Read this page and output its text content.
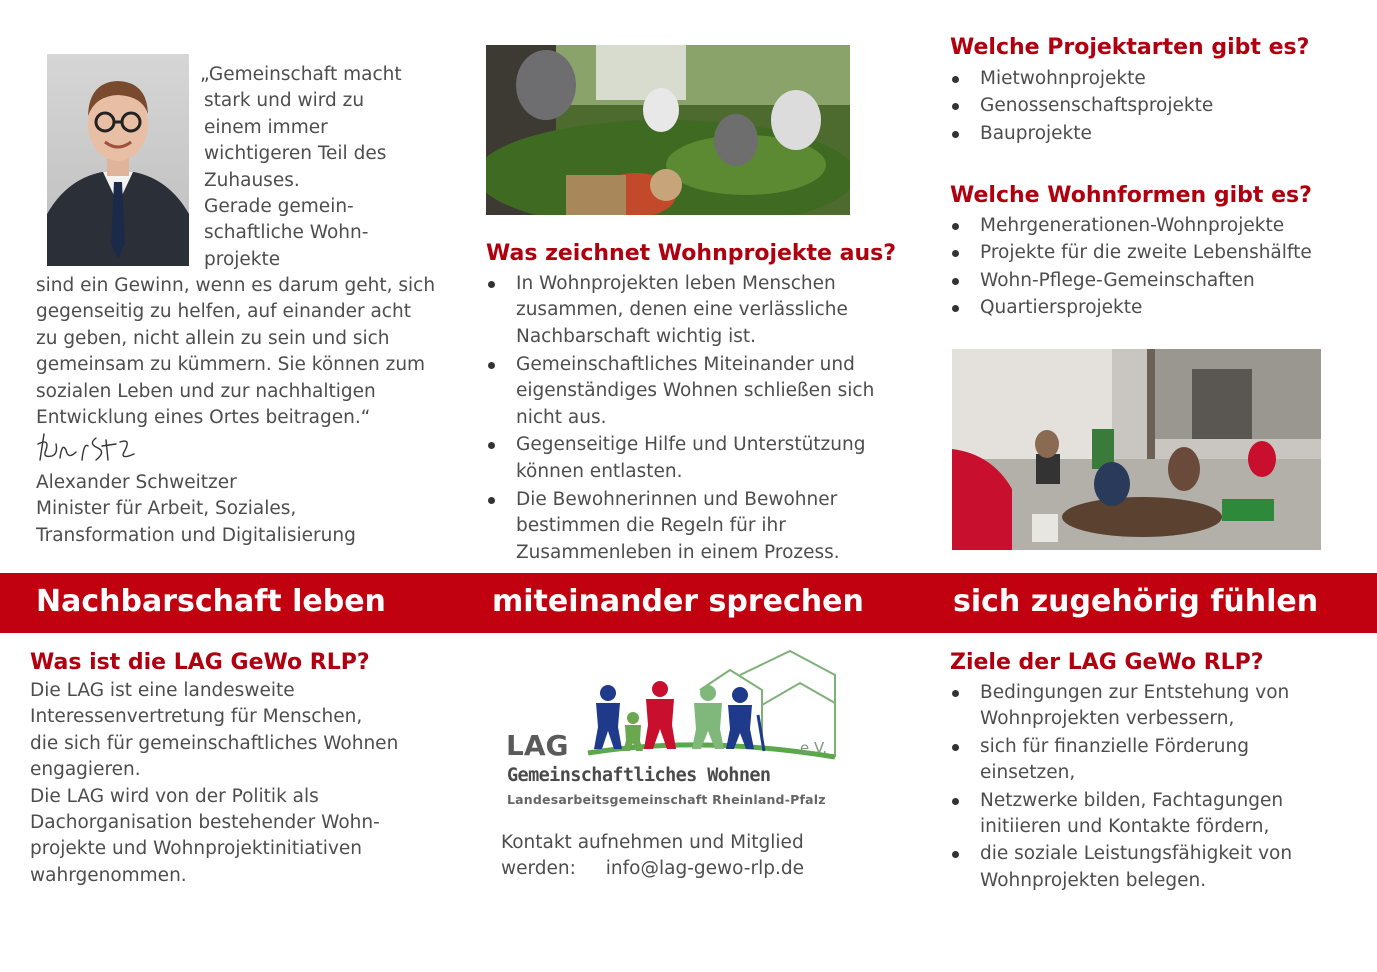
„Gemeinschaft macht
stark und wird zu
einem immer
wichtigeren Teil des
Zuhauses.
Gerade gemein-
schaftliche Wohn-
projekte
sind ein Gewinn, wenn es darum geht, sich
gegenseitig zu helfen, auf einander acht
zu geben, nicht allein zu sein und sich
gemeinsam zu kümmern. Sie können zum
sozialen Leben und zur nachhaltigen
Entwicklung eines Ortes beitragen.“
Alexander Schweitzer
Minister für Arbeit, Soziales,
Transformation und Digitalisierung
Was zeichnet Wohnprojekte aus?
In Wohnprojekten leben Menschen
zusammen, denen eine verlässliche
Nachbarschaft wichtig ist.
Gemeinschaftliches Miteinander und
eigenständiges Wohnen schließen sich
nicht aus.
Gegenseitige Hilfe und Unterstützung
können entlasten.
Die Bewohnerinnen und Bewohner
bestimmen die Regeln für ihr
Zusammenleben in einem Prozess.
Welche Projektarten gibt es?
Mietwohnprojekte
Genossenschaftsprojekte
Bauprojekte
Welche Wohnformen gibt es?
Mehrgenerationen-Wohnprojekte
Projekte für die zweite Lebenshälfte
Wohn-Pflege-Gemeinschaften
Quartiersprojekte
Nachbarschaft leben	miteinander sprechen	sich zugehörig fühlen
Was ist die LAG GeWo RLP?
Die LAG ist eine landesweite
Interessenvertretung für Menschen,
die sich für gemeinschaftliches Wohnen
engagieren.
Die LAG wird von der Politik als
Dachorganisation bestehender Wohn-
projekte und Wohnprojektinitiativen
wahrgenommen.
LAG	e.V.
Gemeinschaftliches Wohnen
Landesarbeitsgemeinschaft Rheinland-Pfalz
Kontakt aufnehmen und Mitglied
werden: info@lag-gewo-rlp.de
Ziele der LAG GeWo RLP?
Bedingungen zur Entstehung von
Wohnprojekten verbessern,
sich für finanzielle Förderung
einsetzen,
Netzwerke bilden, Fachtagungen
initiieren und Kontakte fördern,
die soziale Leistungsfähigkeit von
Wohnprojekten belegen.
